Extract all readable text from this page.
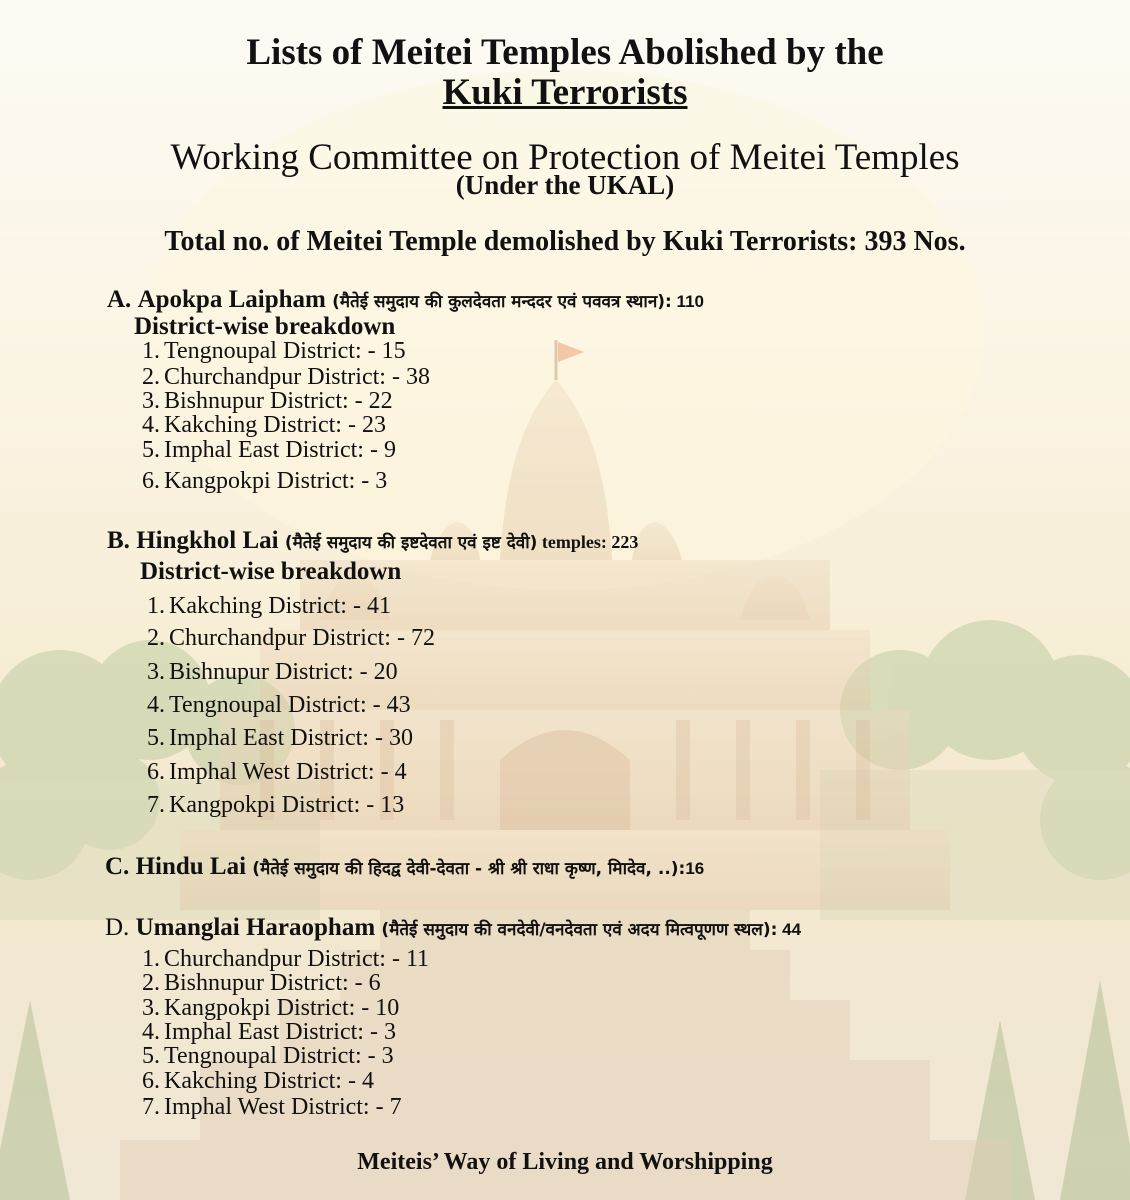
Lists of Meitei Temples Abolished by the
Kuki Terrorists
Working Committee on Protection of Meitei Temples
(Under the UKAL)
Total no. of Meitei Temple demolished by Kuki Terrorists: 393 Nos.
A. Apokpa Laipham (मैतेई समुदाय की कुलदेवता मन्ददर एवं पववत्र स्थान): 110
District-wise breakdown
1. Tengnoupal District: - 15
2. Churchandpur District: - 38
3. Bishnupur District: - 22
4. Kakching District: - 23
5. Imphal East District: - 9
6. Kangpokpi District: - 3
B. Hingkhol Lai (मैतेई समुदाय की इष्टदेवता एवं इष्ट देवी) temples: 223
District-wise breakdown
1. Kakching District: - 41
2. Churchandpur District: - 72
3. Bishnupur District: - 20
4. Tengnoupal District: - 43
5. Imphal East District: - 30
6. Imphal West District: - 4
7. Kangpokpi District: - 13
C. Hindu Lai (मैतेई समुदाय की हिदद्व देवी-देवता - श्री श्री राधा कृष्ण, मिादेव, ..):16
D. Umanglai Haraopham (मैतेई समुदाय की वनदेवी/वनदेवता एवं अदय मित्वपूणण स्थल): 44
1. Churchandpur District: - 11
2. Bishnupur District: - 6
3. Kangpokpi District: - 10
4. Imphal East District: - 3
5. Tengnoupal District: - 3
6. Kakching District: - 4
7. Imphal West District: - 7
Meiteis’ Way of Living and Worshipping
